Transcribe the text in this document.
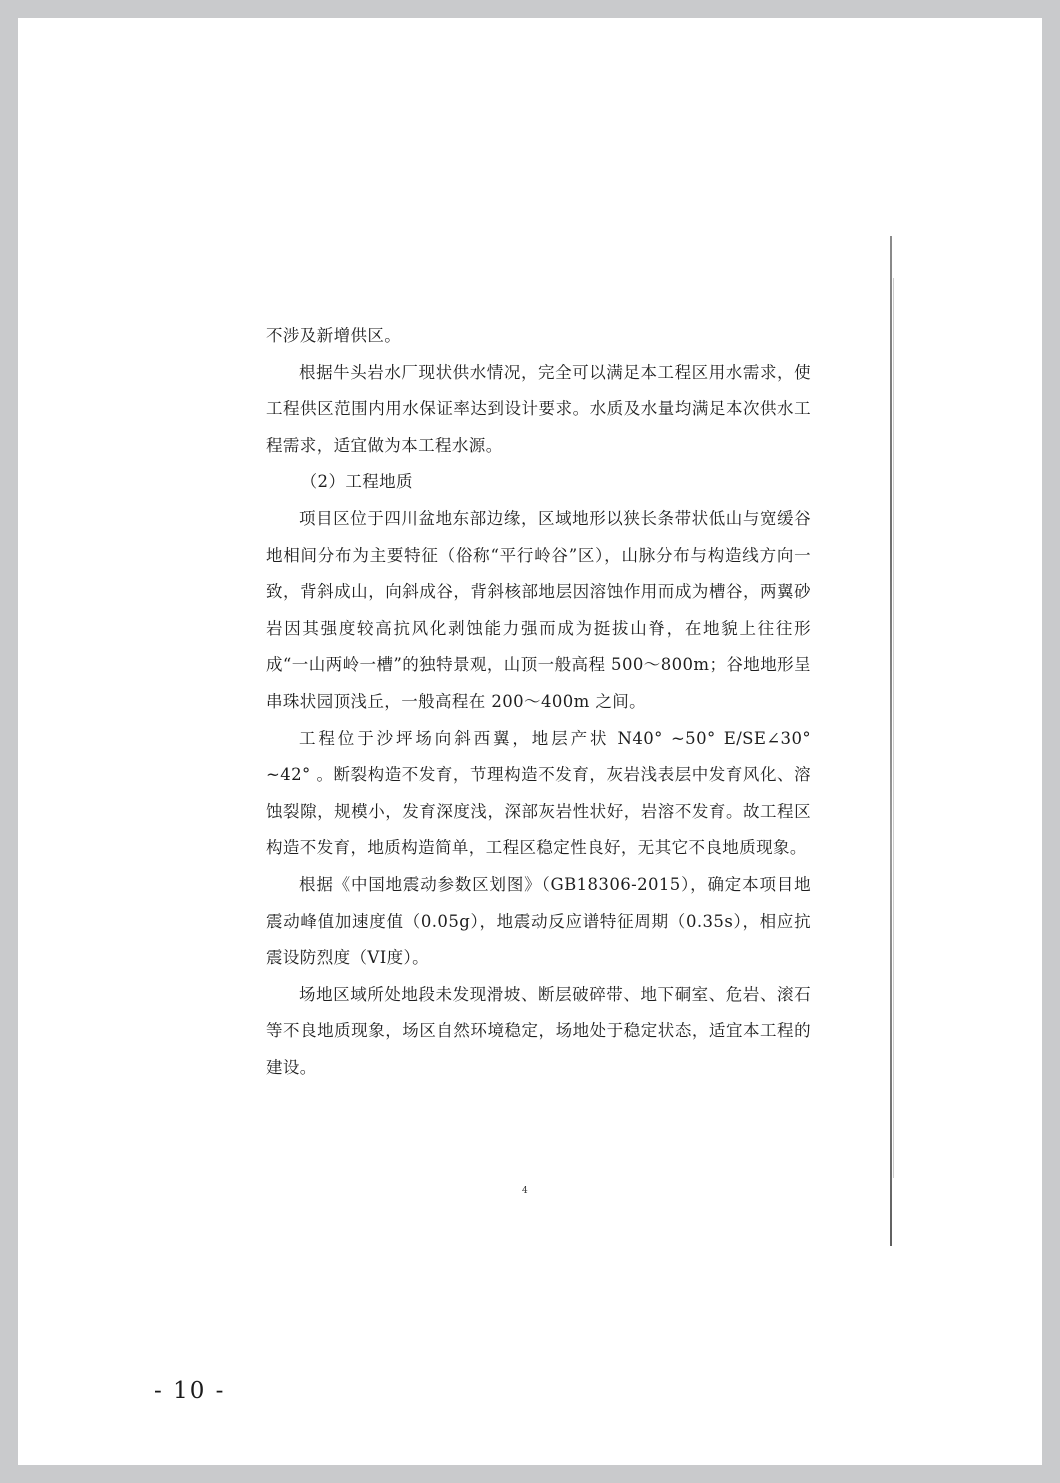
不涉及新增供区。

根据牛头岩水厂现状供水情况，完全可以满足本工程区用水需求，使工程供区范围内用水保证率达到设计要求。水质及水量均满足本次供水工程需求，适宜做为本工程水源。

（2）工程地质

项目区位于四川盆地东部边缘，区域地形以狭长条带状低山与宽缓谷地相间分布为主要特征（俗称“平行岭谷”区），山脉分布与构造线方向一致，背斜成山，向斜成谷，背斜核部地层因溶蚀作用而成为槽谷，两翼砂岩因其强度较高抗风化剥蚀能力强而成为挺拔山脊，在地貌上往往形成“一山两岭一槽”的独特景观，山顶一般高程 500～800m；谷地地形呈串珠状园顶浅丘，一般高程在 200～400m 之间。

工程位于沙坪场向斜西翼，地层产状 N40° ~50° E/SE∠30° ~42° 。断裂构造不发育，节理构造不发育，灰岩浅表层中发育风化、溶蚀裂隙，规模小，发育深度浅，深部灰岩性状好，岩溶不发育。故工程区构造不发育，地质构造简单，工程区稳定性良好，无其它不良地质现象。

根据《中国地震动参数区划图》（GB18306-2015），确定本项目地震动峰值加速度值（0.05g），地震动反应谱特征周期（0.35s），相应抗震设防烈度（VI度）。

场地区域所处地段未发现滑坡、断层破碎带、地下硐室、危岩、滚石等不良地质现象，场区自然环境稳定，场地处于稳定状态，适宜本工程的建设。

4
- 10 -
